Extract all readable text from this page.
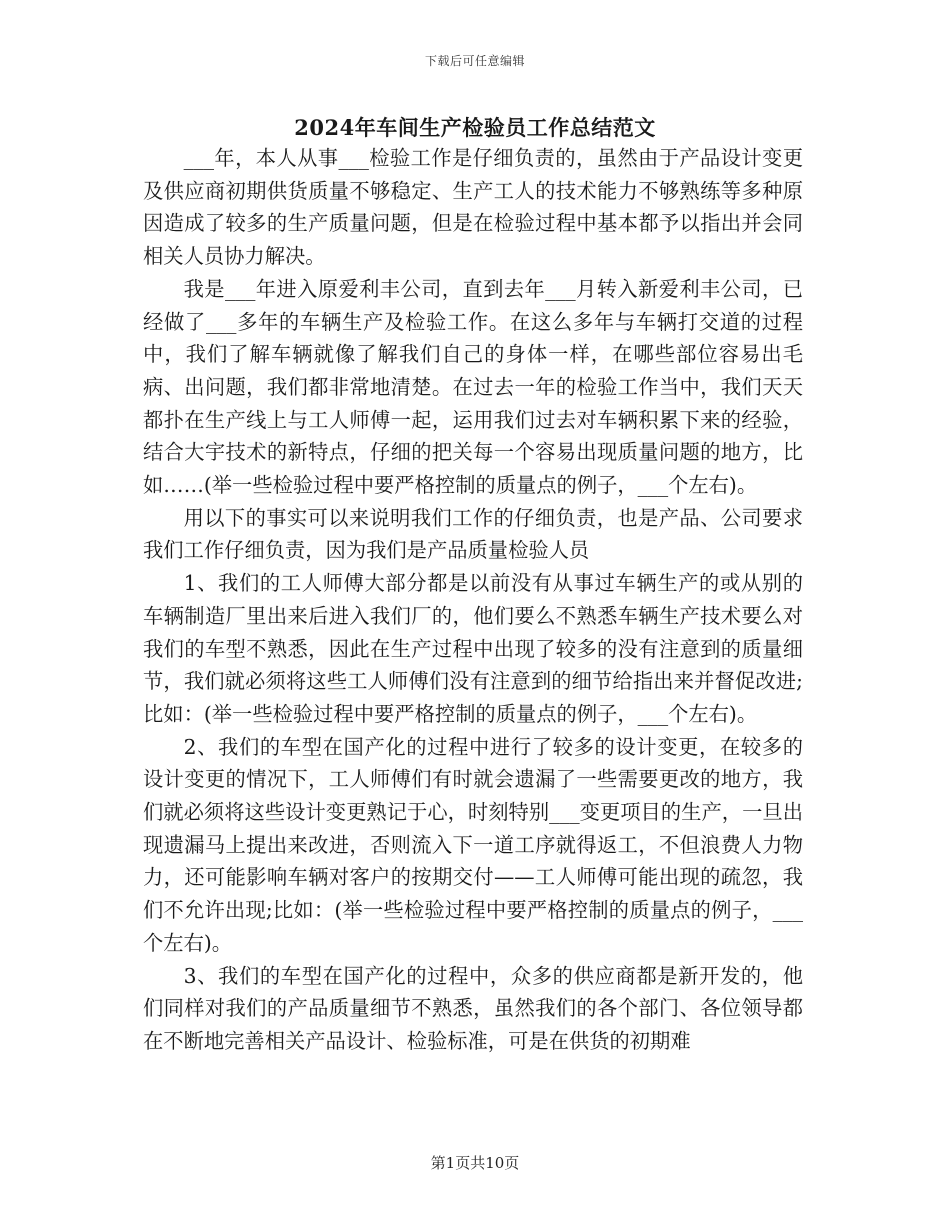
下载后可任意编辑
2024年车间生产检验员工作总结范文

___年，本人从事___检验工作是仔细负责的，虽然由于产品设计变更及供应商初期供货质量不够稳定、生产工人的技术能力不够熟练等多种原因造成了较多的生产质量问题，但是在检验过程中基本都予以指出并会同相关人员协力解决。

我是___年进入原爱利丰公司，直到去年___月转入新爱利丰公司，已经做了___多年的车辆生产及检验工作。在这么多年与车辆打交道的过程中，我们了解车辆就像了解我们自己的身体一样，在哪些部位容易出毛病、出问题，我们都非常地清楚。在过去一年的检验工作当中，我们天天都扑在生产线上与工人师傅一起，运用我们过去对车辆积累下来的经验，结合大宇技术的新特点，仔细的把关每一个容易出现质量问题的地方，比如……(举一些检验过程中要严格控制的质量点的例子，___个左右)。

用以下的事实可以来说明我们工作的仔细负责，也是产品、公司要求我们工作仔细负责，因为我们是产品质量检验人员

1、我们的工人师傅大部分都是以前没有从事过车辆生产的或从别的车辆制造厂里出来后进入我们厂的，他们要么不熟悉车辆生产技术要么对我们的车型不熟悉，因此在生产过程中出现了较多的没有注意到的质量细节，我们就必须将这些工人师傅们没有注意到的细节给指出来并督促改进;比如：(举一些检验过程中要严格控制的质量点的例子，___个左右)。

2、我们的车型在国产化的过程中进行了较多的设计变更，在较多的设计变更的情况下，工人师傅们有时就会遗漏了一些需要更改的地方，我们就必须将这些设计变更熟记于心，时刻特别___变更项目的生产，一旦出现遗漏马上提出来改进，否则流入下一道工序就得返工，不但浪费人力物力，还可能影响车辆对客户的按期交付——工人师傅可能出现的疏忽，我们不允许出现;比如：(举一些检验过程中要严格控制的质量点的例子，___个左右)。

3、我们的车型在国产化的过程中，众多的供应商都是新开发的，他们同样对我们的产品质量细节不熟悉，虽然我们的各个部门、各位领导都在不断地完善相关产品设计、检验标准，可是在供货的初期难

第1页共10页
